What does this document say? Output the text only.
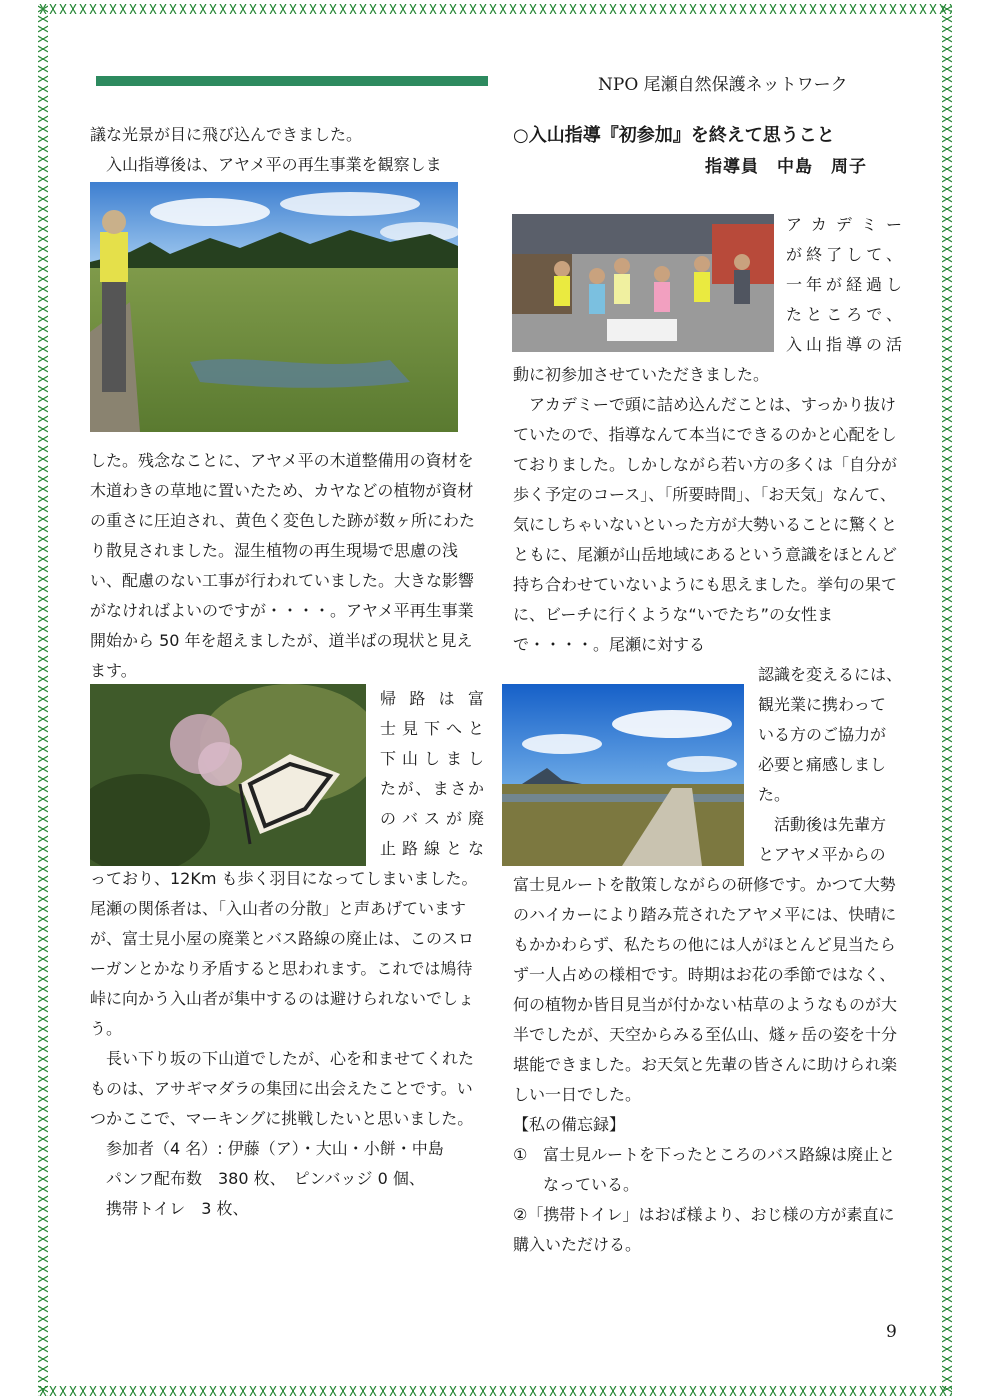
NPO 尾瀬自然保護ネットワーク

議な光景が目に飛び込んできました。

入山指導後は、アヤメ平の再生事業を観察しま

した。残念なことに、アヤメ平の木道整備用の資材を木道わきの草地に置いたため、カヤなどの植物が資材の重さに圧迫され、黄色く変色した跡が数ヶ所にわたり散見されました。湿生植物の再生現場で思慮の浅い、配慮のない工事が行われていました。大きな影響がなければよいのですが・・・・。アヤメ平再生事業開始から 50 年を超えましたが、道半ばの現状と見えます。

帰路は富

士見下へと

下山しまし

たが、まさか

のバスが廃

止路線とな

っており、12Km も歩く羽目になってしまいました。尾瀬の関係者は、「入山者の分散」と声あげていますが、富士見小屋の廃業とバス路線の廃止は、このスローガンとかなり矛盾すると思われます。これでは鳩待峠に向かう入山者が集中するのは避けられないでしょう。

長い下り坂の下山道でしたが、心を和ませてくれたものは、アサギマダラの集団に出会えたことです。いつかここで、マーキングに挑戦したいと思いました。

参加者（4 名）: 伊藤（ア）・大山・小餅・中島

パンフ配布数　380 枚、　ピンバッジ 0 個、

携帯トイレ　3 枚、

○入山指導『初参加』を終えて思うこと

指導員　中島　周子

アカデミー

が終了して、

一年が経過し

たところで、

入山指導の活

動に初参加させていただきました。

アカデミーで頭に詰め込んだことは、すっかり抜けていたので、指導なんて本当にできるのかと心配をしておりました。しかしながら若い方の多くは「自分が歩く予定のコース」、「所要時間」、「お天気」なんて、気にしちゃいないといった方が大勢いることに驚くとともに、尾瀬が山岳地域にあるという意識をほとんど持ち合わせていないようにも思えました。挙句の果てに、ビーチに行くような“いでたち”の女性まで・・・・。尾瀬に対する

認識を変えるには、

観光業に携わって

いる方のご協力が

必要と痛感しまし

た。

　活動後は先輩方

とアヤメ平からの

富士見ルートを散策しながらの研修です。かつて大勢のハイカーにより踏み荒されたアヤメ平には、快晴にもかかわらず、私たちの他には人がほとんど見当たらず一人占めの様相です。時期はお花の季節ではなく、何の植物か皆目見当が付かない枯草のようなものが大半でしたが、天空からみる至仏山、燧ヶ岳の姿を十分堪能できました。お天気と先輩の皆さんに助けられ楽しい一日でした。

【私の備忘録】

① 富士見ルートを下ったところのバス路線は廃止となっている。

②「携帯トイレ」はおば様より、おじ様の方が素直に購入いただける。

9
